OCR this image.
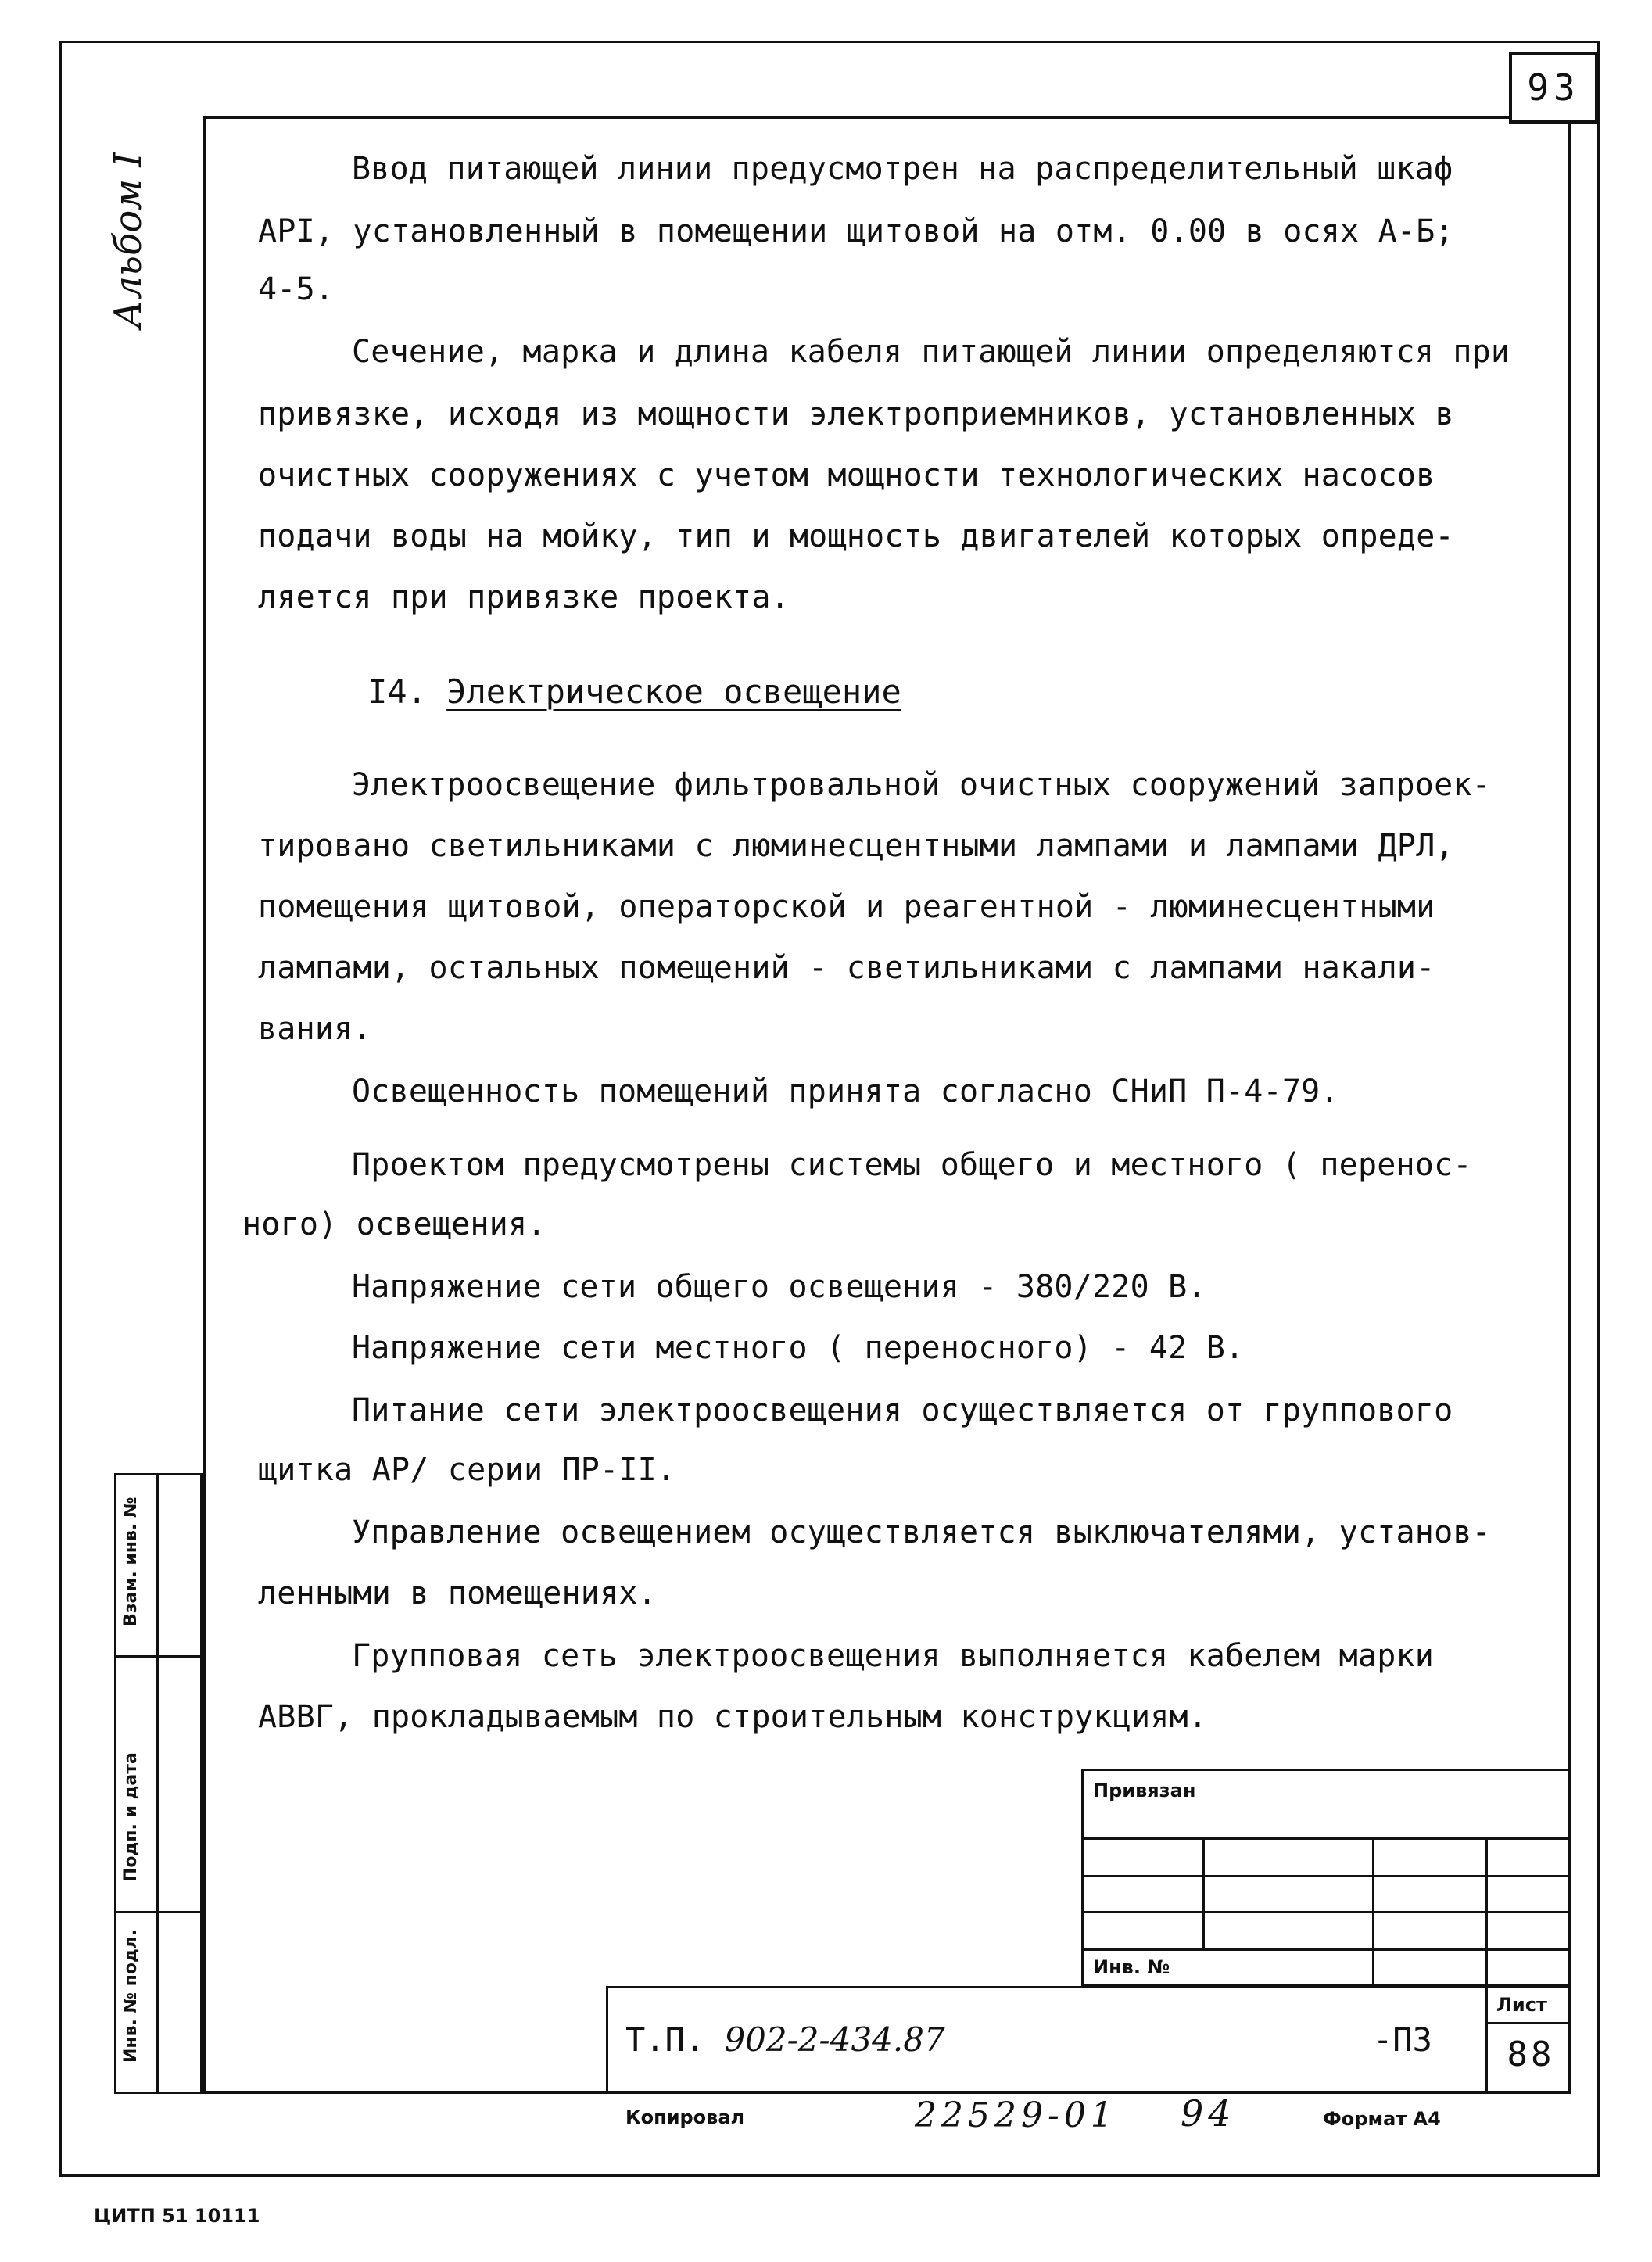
93
Альбом I	Ввод питающей линии предусмотрен на распределительный шкаф
АРI, установленный в помещении щитовой на отм. 0.00 в осях А-Б;
4-5.
Сечение, марка и длина кабеля питающей линии определяются при
привязке, исходя из мощности электроприемников, установленных в
очистных сооружениях с учетом мощности технологических насосов
подачи воды на мойку, тип и мощность двигателей которых опреде-
ляется при привязке проекта.
I4. Электрическое освещение
Электроосвещение фильтровальной очистных сооружений запроек-
тировано светильниками с люминесцентными лампами и лампами ДРЛ,
помещения щитовой, операторской и реагентной - люминесцентными
лампами, остальных помещений - светильниками с лампами накали-
вания.
Освещенность помещений принята согласно СНиП П-4-79.
Проектом предусмотрены системы общего и местного ( перенос-
ного) освещения.
Напряжение сети общего освещения - 380/220 В.
Напряжение сети местного ( переносного) - 42 В.
Питание сети электроосвещения осуществляется от группового
щитка АР/ серии ПР-II.
Управление освещением осуществляется выключателями, установ-
ленными в помещениях.
Групповая сеть электроосвещения выполняется кабелем марки
АВВГ, прокладываемым по строительным конструкциям.
Взам. инв. №
Подп. и дата
Инв. № подл.
Привязан
Инв. №
Т.П. 902-2-434.87	-ПЗ
Лист
88
Копировал	22529-01 94	Формат А4
ЦИТП 51 10111
